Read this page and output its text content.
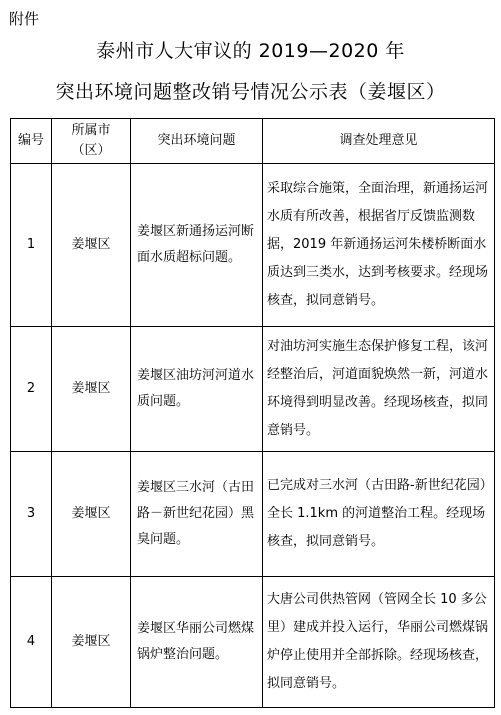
附件
泰州市人大审议的 2019—2020 年
突出环境问题整改销号情况公示表（姜堰区）
编号	所属市（区）	突出环境问题	调查处理意见
1	姜堰区	姜堰区新通扬运河断面水质超标问题。	采取综合施策，全面治理，新通扬运河水质有所改善，根据省厅反馈监测数据，2019 年新通扬运河朱楼桥断面水质达到三类水，达到考核要求。经现场核查，拟同意销号。
2	姜堰区	姜堰区油坊河河道水质问题。	对油坊河实施生态保护修复工程，该河经整治后，河道面貌焕然一新，河道水环境得到明显改善。经现场核查，拟同意销号。
3	姜堰区	姜堰区三水河（古田路－新世纪花园）黑臭问题。	已完成对三水河（古田路-新世纪花园）全长 1.1km 的河道整治工程。经现场核查，拟同意销号。
4	姜堰区	姜堰区华丽公司燃煤锅炉整治问题。	大唐公司供热管网（管网全长 10 多公里）建成并投入运行，华丽公司燃煤锅炉停止使用并全部拆除。经现场核查，拟同意销号。
